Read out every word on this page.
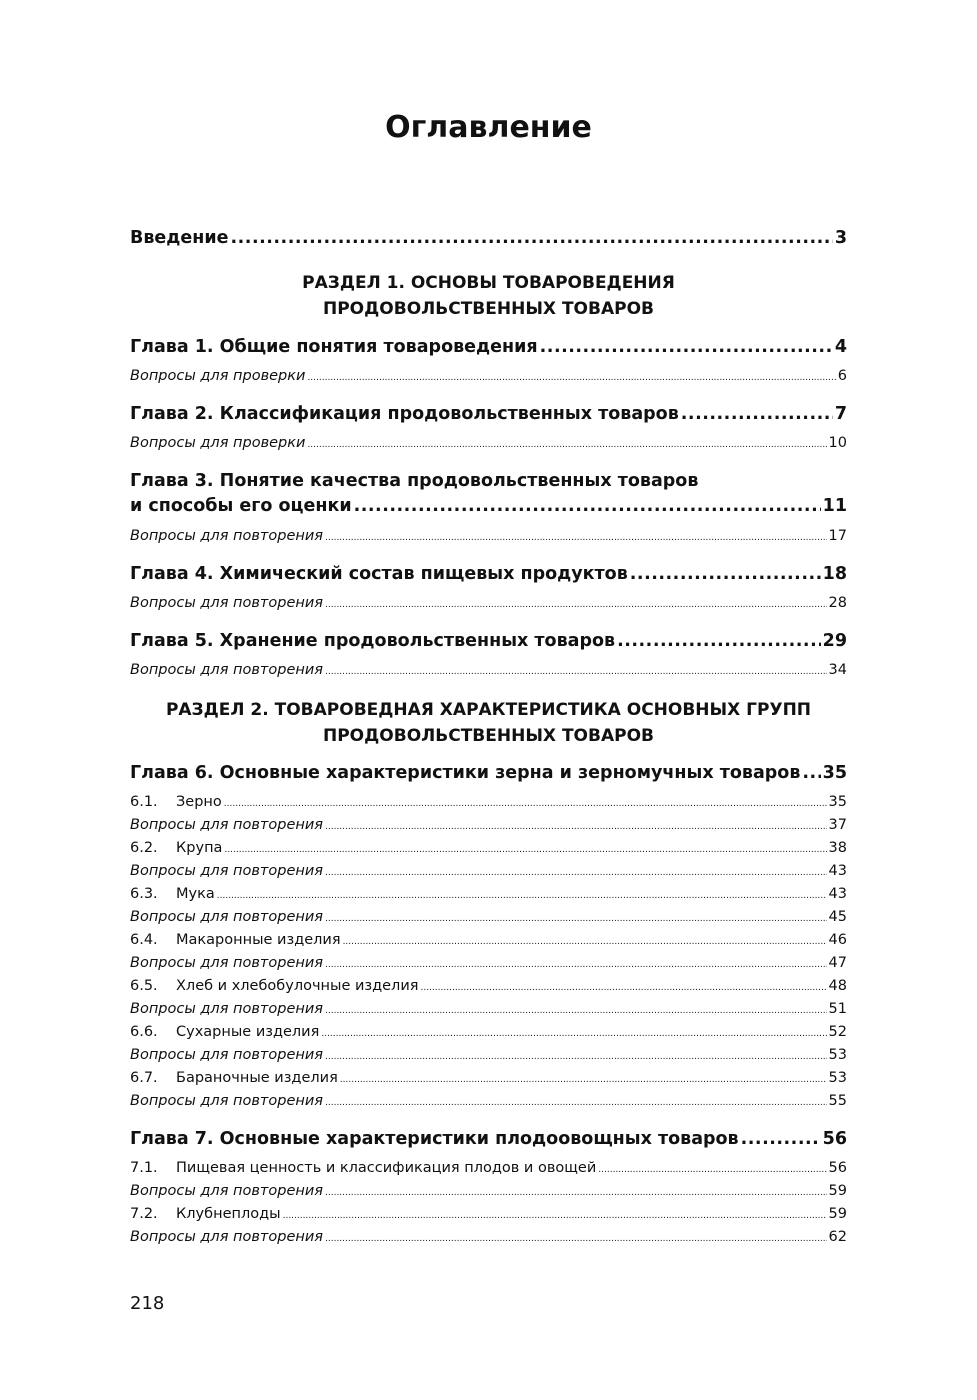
Оглавление
Введение .....	3
РАЗДЕЛ 1. ОСНОВЫ ТОВАРОВЕДЕНИЯ
ПРОДОВОЛЬСТВЕННЫХ ТОВАРОВ
Глава 1. Общие понятия товароведения .....	4
Вопросы для проверки .....	6
Глава 2. Классификация продовольственных товаров .....	7
Вопросы для проверки .....	10
Глава 3. Понятие качества продовольственных товаров
и способы его оценки .....	11
Вопросы для повторения .....	17
Глава 4. Химический состав пищевых продуктов .....	18
Вопросы для повторения .....	28
Глава 5. Хранение продовольственных товаров .....	29
Вопросы для повторения .....	34
РАЗДЕЛ 2. ТОВАРОВЕДНАЯ ХАРАКТЕРИСТИКА ОСНОВНЫХ ГРУПП
ПРОДОВОЛЬСТВЕННЫХ ТОВАРОВ
Глава 6. Основные характеристики зерна и зерномучных товаров ..... 35
6.1. Зерно .....	35
Вопросы для повторения .....	37
6.2. Крупа .....	38
Вопросы для повторения .....	43
6.3. Мука .....	43
Вопросы для повторения .....	45
6.4. Макаронные изделия .....	46
Вопросы для повторения .....	47
6.5. Хлеб и хлебобулочные изделия .....	48
Вопросы для повторения .....	51
6.6. Сухарные изделия .....	52
Вопросы для повторения .....	53
6.7. Бараночные изделия .....	53
Вопросы для повторения .....	55
Глава 7. Основные характеристики плодоовощных товаров .....	56
7.1. Пищевая ценность и классификация плодов и овощей .....	56
Вопросы для повторения .....	59
7.2. Клубнеплоды .....	59
Вопросы для повторения .....	62
218
